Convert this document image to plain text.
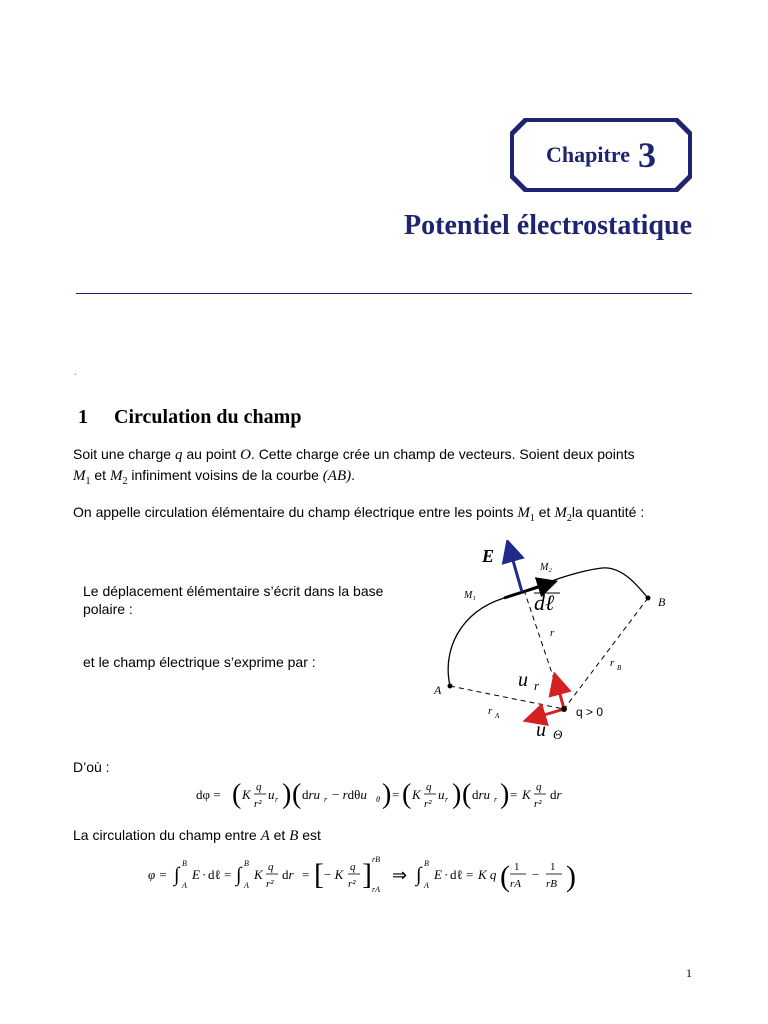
Chapitre 3
Potentiel électrostatique
.
1 Circulation du champ
Soit une charge q au point O. Cette charge crée un champ de vecteurs. Soient deux points
$M_1$ et $M_2$ infiniment voisins de la courbe (AB).
On appelle circulation élémentaire du champ électrique entre les points $M_1$ et $M_2la$ quantité :
Le déplacement élémentaire s’écrit dans la base polaire :
et le champ électrique s’exprime par :
E
M₁
M₂
dℓ	B
A
r
r B
r A
u r
u Θ
q > 0
D’où :
dφ = ( K q
r²
u r ) ( dru r − rdθu θ ) = ( K q
r²
u r ) ( dru r ) = K q
r²
dr
La circulation du champ entre A et B est
φ = ∫
B
A
E · dℓ = ∫
B
A
K q
r²
dr = [ − K q
r² ] rB
rA
⇒ ∫
B
A
E · dℓ = K q ( 1
rA
− 1
rB )
1
